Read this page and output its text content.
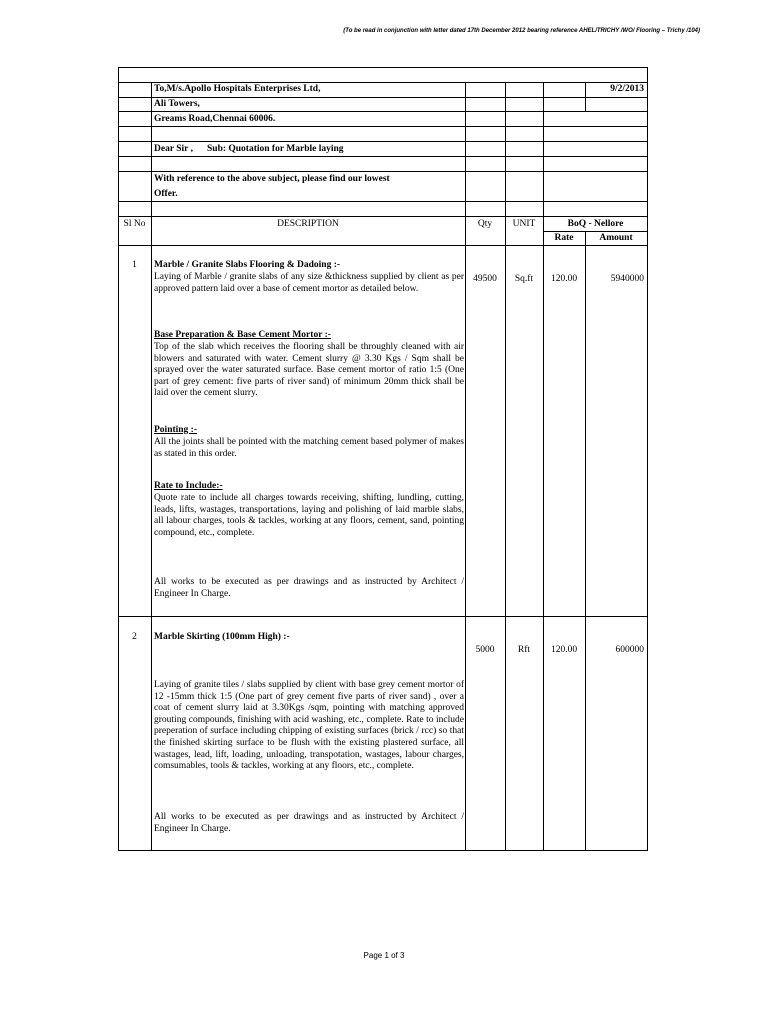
(To be read in conjunction with letter dated 17th December 2012 bearing reference AHEL/TRICHY /WO/ Flooring – Trichy /104)
To,M/s.Apollo Hospitals Enterprises Ltd,	9/2/2013
Ali Towers,
Greams Road,Chennai 60006.
Dear Sir , Sub: Quotation for Marble laying
With reference to the above subject, please find our lowest
Offer.
Sl No	DESCRIPTION	Qty	UNIT	BoQ - Nellore
Rate	Amount
1	Marble / Granite Slabs Flooring & Dadoing :-
Laying of Marble / granite slabs of any size &thickness supplied by client as per approved pattern laid over a base of cement mortor as detailed below.
49500	Sq.ft	120.00	5940000
Base Preparation & Base Cement Mortor :-
Top of the slab which receives the flooring shall be throughly cleaned with air blowers and saturated with water. Cement slurry @ 3.30 Kgs / Sqm shall be sprayed over the water saturated surface. Base cement mortor of ratio 1:5 (One part of grey cement: five parts of river sand) of minimum 20mm thick shall be laid over the cement slurry.
Pointing :-
All the joints shall be pointed with the matching cement based polymer of makes as stated in this order.
Rate to Include:-
Quote rate to include all charges towards receiving, shifting, lundling, cutting, leads, lifts, wastages, transportations, laying and polishing of laid marble slabs, all labour charges, tools & tackles, working at any floors, cement, sand, pointing compound, etc., complete.
All works to be executed as per drawings and as instructed by Architect / Engineer In Charge.
2	Marble Skirting (100mm High) :-
5000	Rft	120.00	600000
Laying of granite tiles / slabs supplied by client with base grey cement mortor of 12 -15mm thick 1:5 (One part of grey cement five parts of river sand) , over a coat of cement slurry laid at 3.30Kgs /sqm, pointing with matching approved grouting compounds, finishing with acid washing, etc., complete. Rate to include preperation of surface including chipping of existing surfaces (brick / rcc) so that the finished skirting surface to be flush with the existing plastered surface, all wastages, lead, lift, loading, unloading, transpotation, wastages, labour charges, comsumables, tools & tackles, working at any floors, etc., complete.
All works to be executed as per drawings and as instructed by Architect / Engineer In Charge.
Page 1 of 3
